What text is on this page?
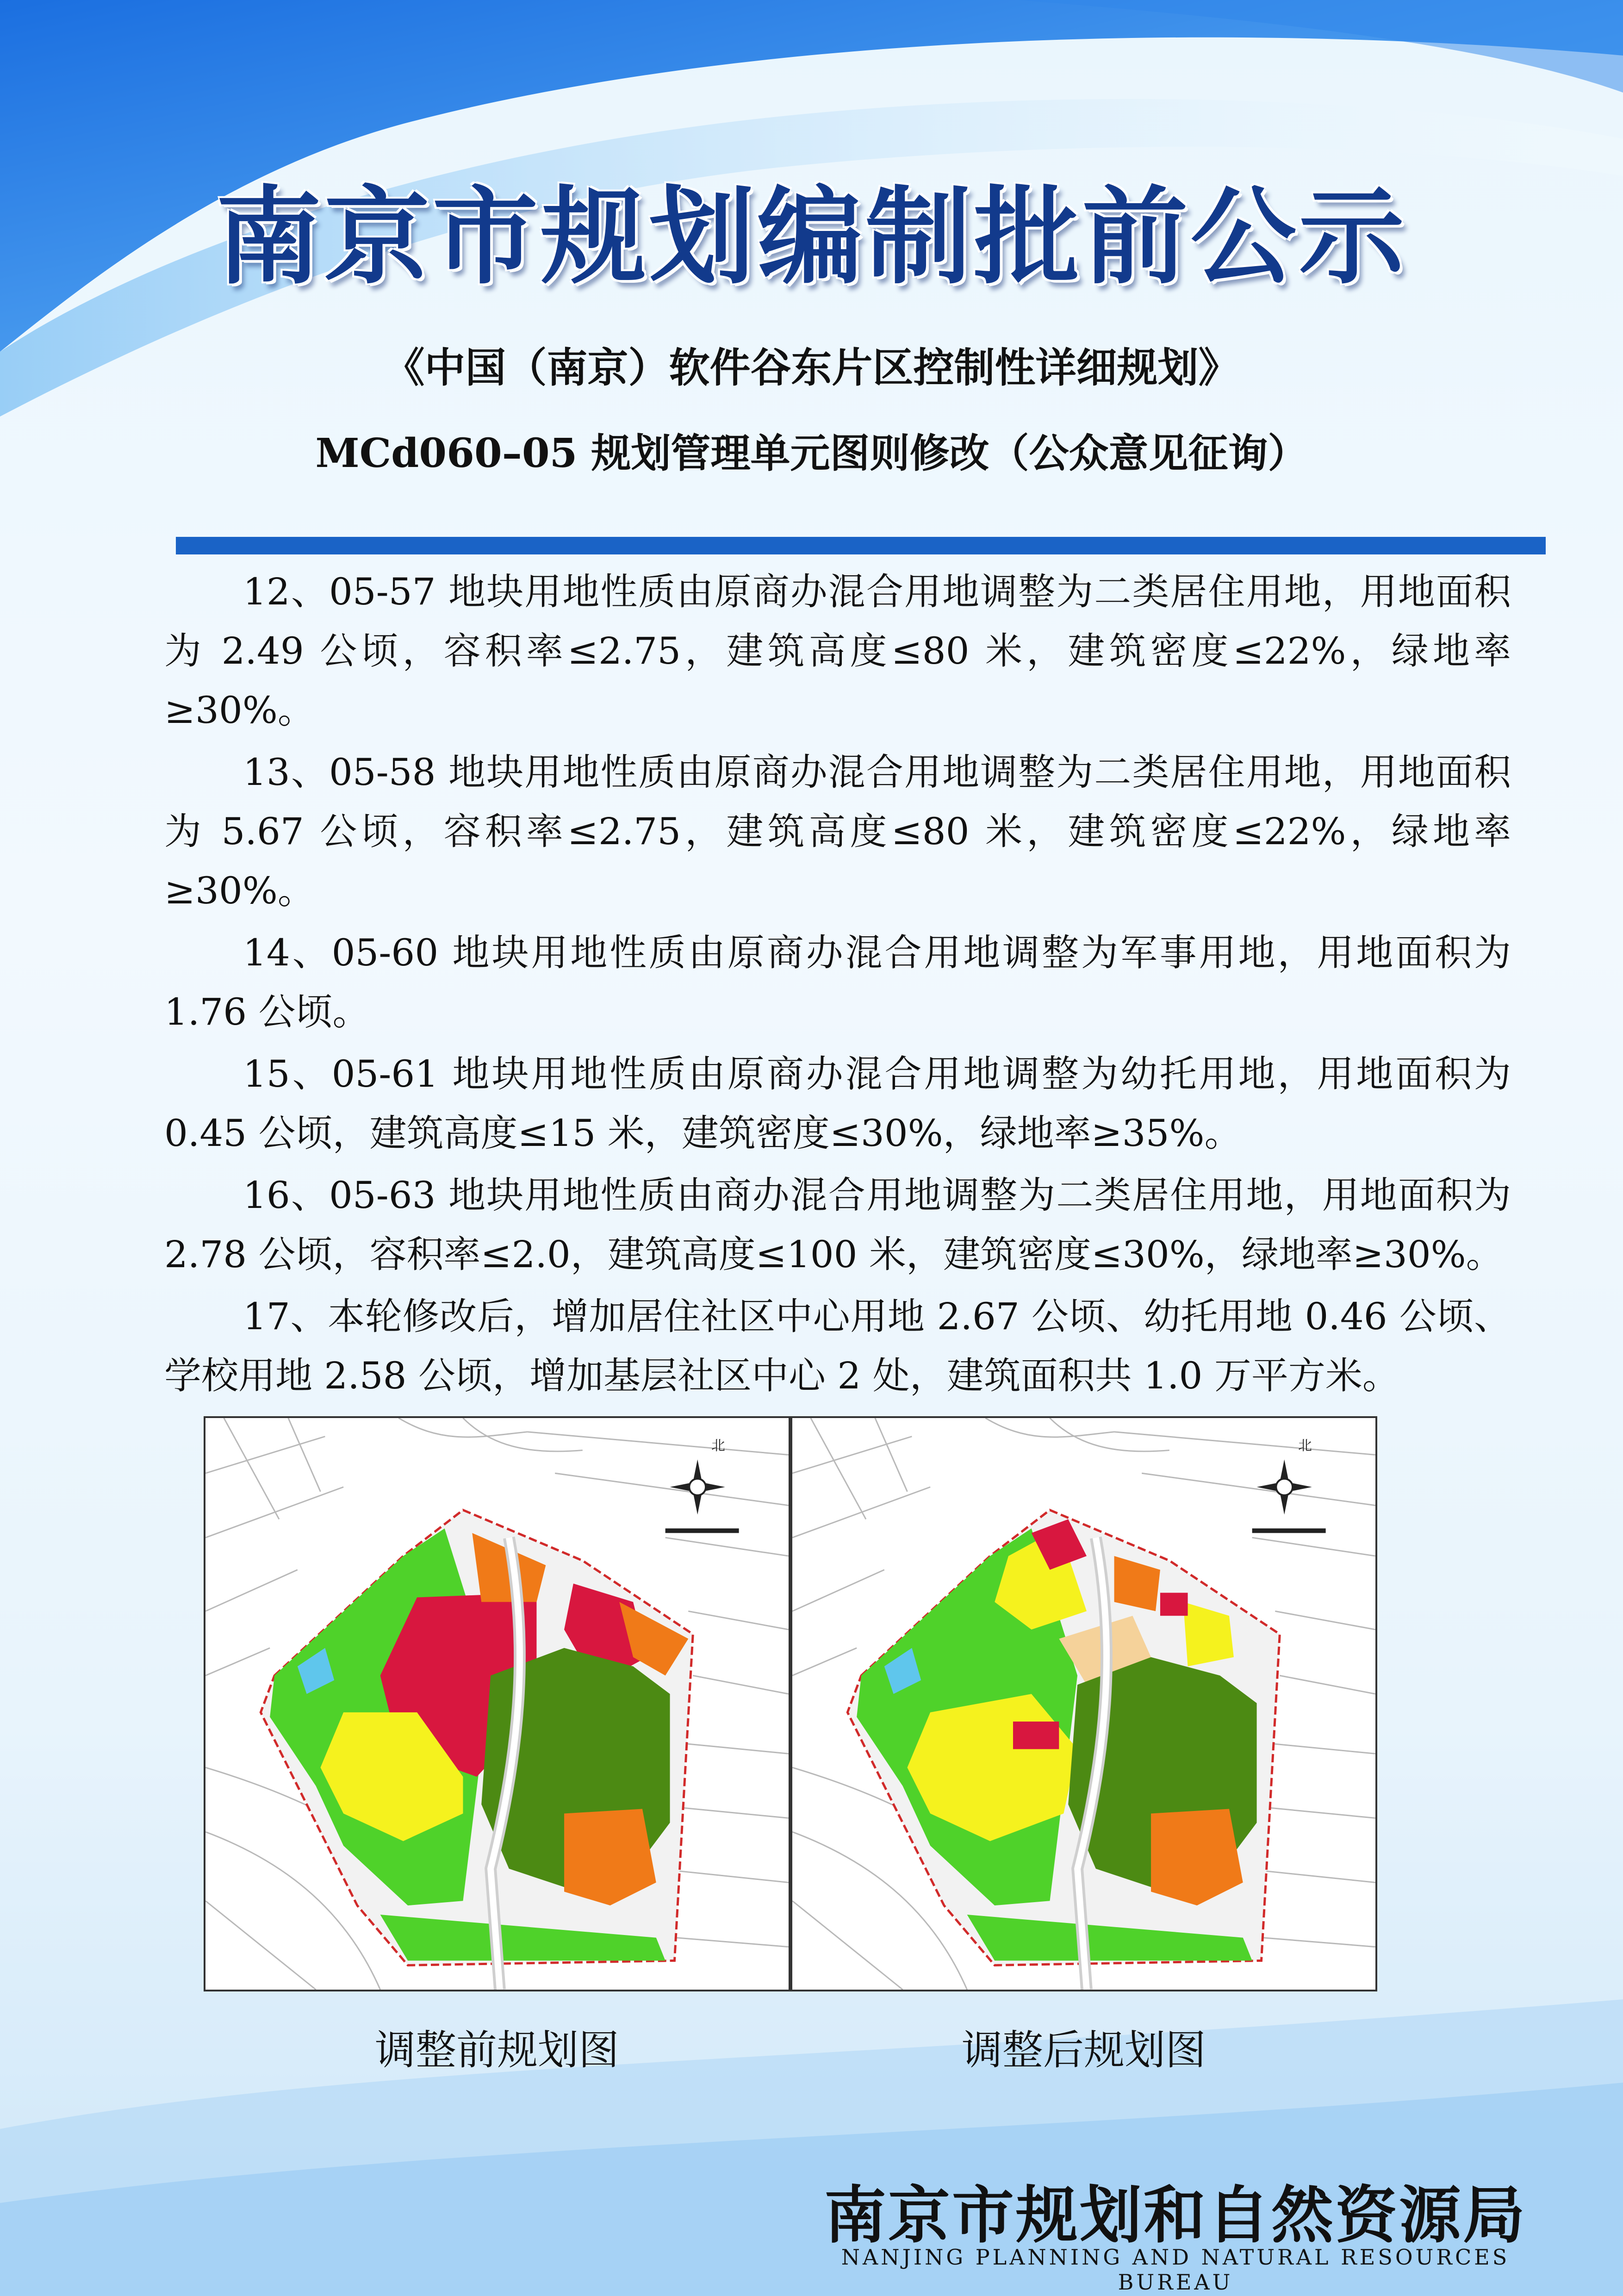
南京市规划编制批前公示
《中国（南京）软件谷东片区控制性详细规划》
MCd060–05 规划管理单元图则修改（公众意见征询）

12、05-57 地块用地性质由原商办混合用地调整为二类居住用地，用地面积为 2.49 公顷，容积率≤2.75，建筑高度≤80 米，建筑密度≤22%，绿地率≥30%。

13、05-58 地块用地性质由原商办混合用地调整为二类居住用地，用地面积为 5.67 公顷，容积率≤2.75，建筑高度≤80 米，建筑密度≤22%，绿地率≥30%。

14、05-60 地块用地性质由原商办混合用地调整为军事用地，用地面积为 1.76 公顷。

15、05-61 地块用地性质由原商办混合用地调整为幼托用地，用地面积为 0.45 公顷，建筑高度≤15 米，建筑密度≤30%，绿地率≥35%。

16、05-63 地块用地性质由商办混合用地调整为二类居住用地，用地面积为 2.78 公顷，容积率≤2.0，建筑高度≤100 米，建筑密度≤30%，绿地率≥30%。

17、本轮修改后，增加居住社区中心用地 2.67 公顷、幼托用地 0.46 公顷、学校用地 2.58 公顷，增加基层社区中心 2 处，建筑面积共 1.0 万平方米。

北	北
调整前规划图	调整后规划图
南京市规划和自然资源局
NANJING PLANNING AND NATURAL RESOURCES BUREAU
